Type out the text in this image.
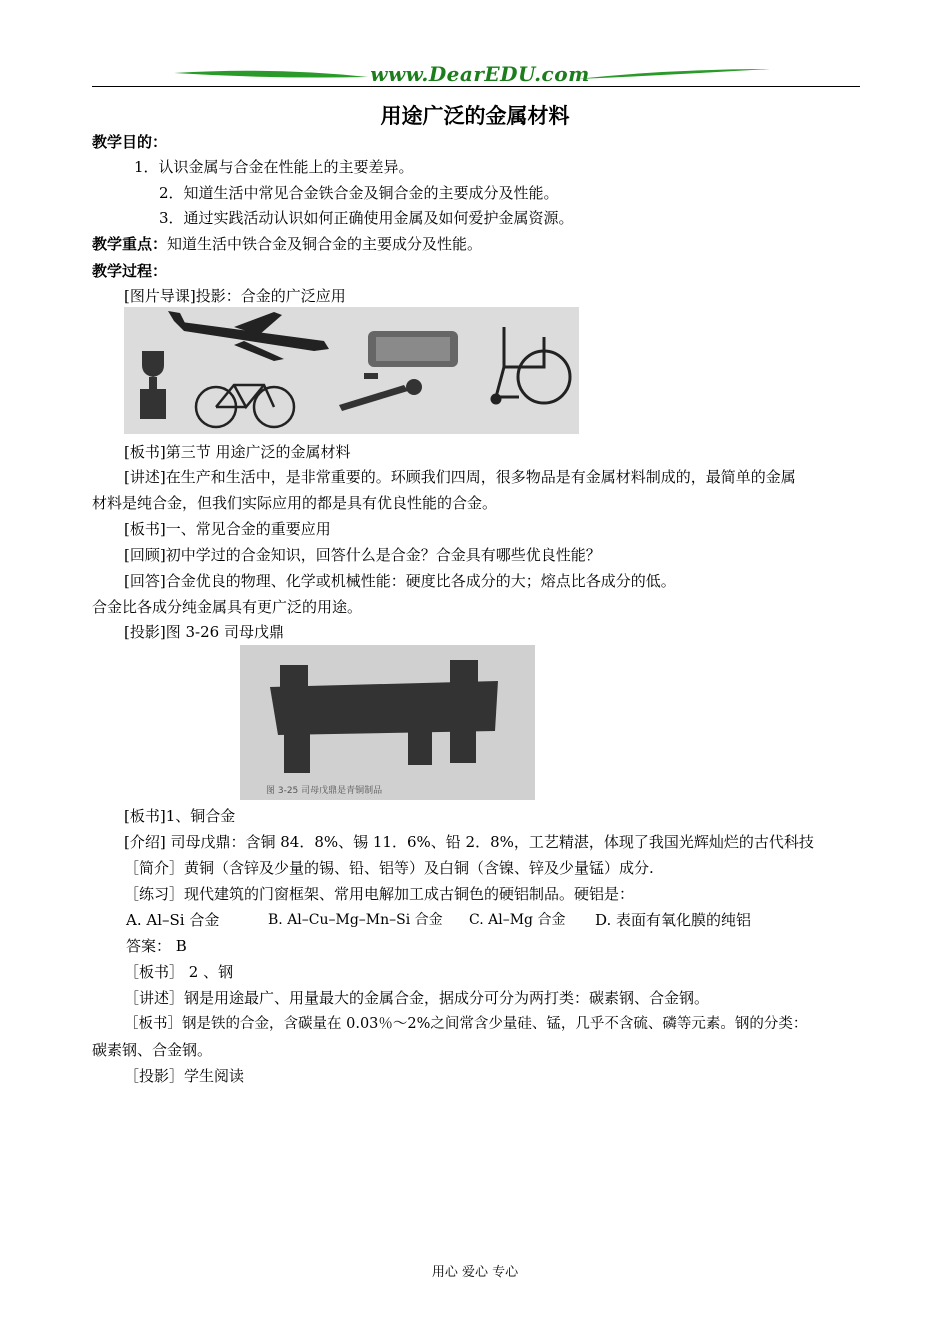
www.DearEDU.com
用途广泛的金属材料
教学目的：
1．认识金属与合金在性能上的主要差异。
2．知道生活中常见合金铁合金及铜合金的主要成分及性能。
3．通过实践活动认识如何正确使用金属及如何爱护金属资源。
教学重点：知道生活中铁合金及铜合金的主要成分及性能。
教学过程：
[图片导课]投影：合金的广泛应用
[板书]第三节 用途广泛的金属材料
[讲述]在生产和生活中，是非常重要的。环顾我们四周，很多物品是有金属材料制成的，最简单的金属
材料是纯合金，但我们实际应用的都是具有优良性能的合金。
[板书]一、常见合金的重要应用
[回顾]初中学过的合金知识，回答什么是合金？合金具有哪些优良性能？
[回答]合金优良的物理、化学或机械性能：硬度比各成分的大；熔点比各成分的低。
合金比各成分纯金属具有更广泛的用途。
[投影]图 3-26 司母戊鼎
图 3-25 司母戊鼎是青铜制品
[板书]1、铜合金
[介绍] 司母戊鼎：含铜 84．8%、锡 11．6%、铅 2．8%，工艺精湛，体现了我国光辉灿烂的古代科技
［简介］黄铜（含锌及少量的锡、铅、铝等）及白铜（含镍、锌及少量锰）成分.
［练习］现代建筑的门窗框架、常用电解加工成古铜色的硬铝制品。硬铝是：
A. Al–Si 合金	B. Al–Cu–Mg–Mn–Si 合金 C. Al–Mg 合金 D. 表面有氧化膜的纯铝
答案： B
［板书］ 2 、钢
［讲述］钢是用途最广、用量最大的金属合金，据成分可分为两打类：碳素钢、合金钢。
［板书］钢是铁的合金，含碳量在 0.03％～2%之间常含少量硅、锰，几乎不含硫、磷等元素。钢的分类：
碳素钢、合金钢。
［投影］学生阅读
用心 爱心 专心
